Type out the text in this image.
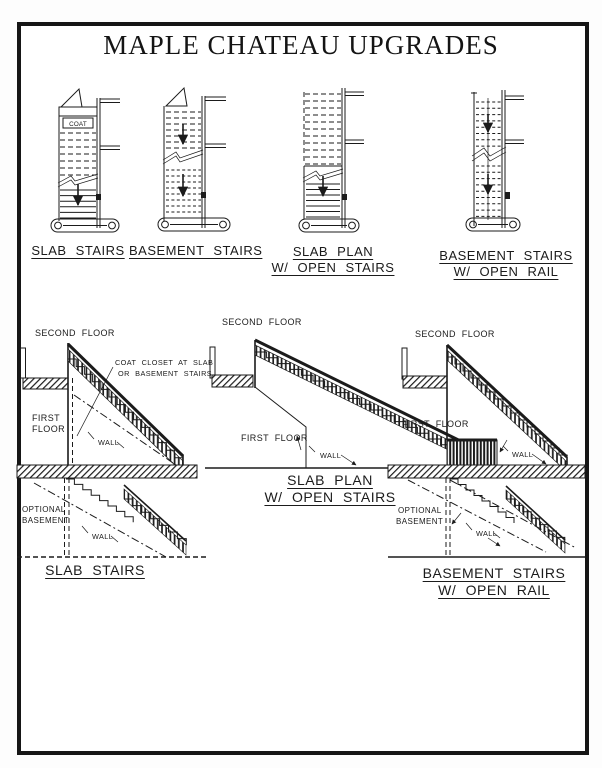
MAPLE CHATEAU UPGRADES
COAT
SLAB STAIRS BASEMENT STAIRS	SLAB PLAN
W/ OPEN STAIRS
BASEMENT STAIRS
W/ OPEN RAIL
SECOND FLOOR
COAT CLOSET AT SLAB
OR BASEMENT STAIRS
FIRST
FLOOR
WALL
OPTIONAL
BASEMENT
WALL
SECOND FLOOR
FIRST FLOOR
WALL
SECOND FLOOR
FIRST FLOOR
WALL
OPTIONAL
BASEMENT
WALL
SLAB STAIRS
SLAB PLAN
W/ OPEN STAIRS
BASEMENT STAIRS
W/ OPEN RAIL
